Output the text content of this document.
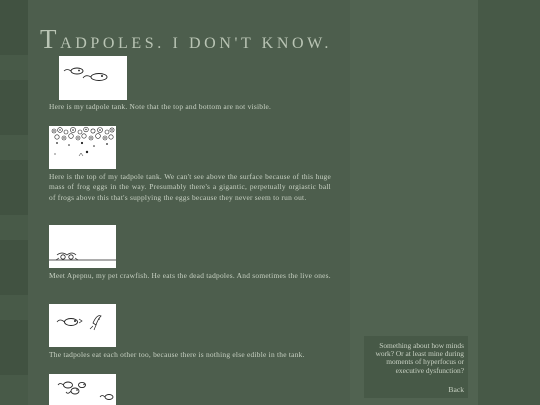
TADPOLES. I DON'T KNOW.
Here is my tadpole tank. Note that the top and bottom are not visible.
Here is the top of my tadpole tank. We can't see above the surface because of this huge mass of frog eggs in the way. Presumably there's a gigantic, perpetually orgiastic ball of frogs above this that's supplying the eggs because they never seem to run out.
Meet Apepnu, my pet crawfish. He eats the dead tadpoles. And sometimes the live ones.
The tadpoles eat each other too, because there is nothing else edible in the tank.
Something about how minds work? Or at least mine during moments of hyperfocus or executive dysfunction?
Back
